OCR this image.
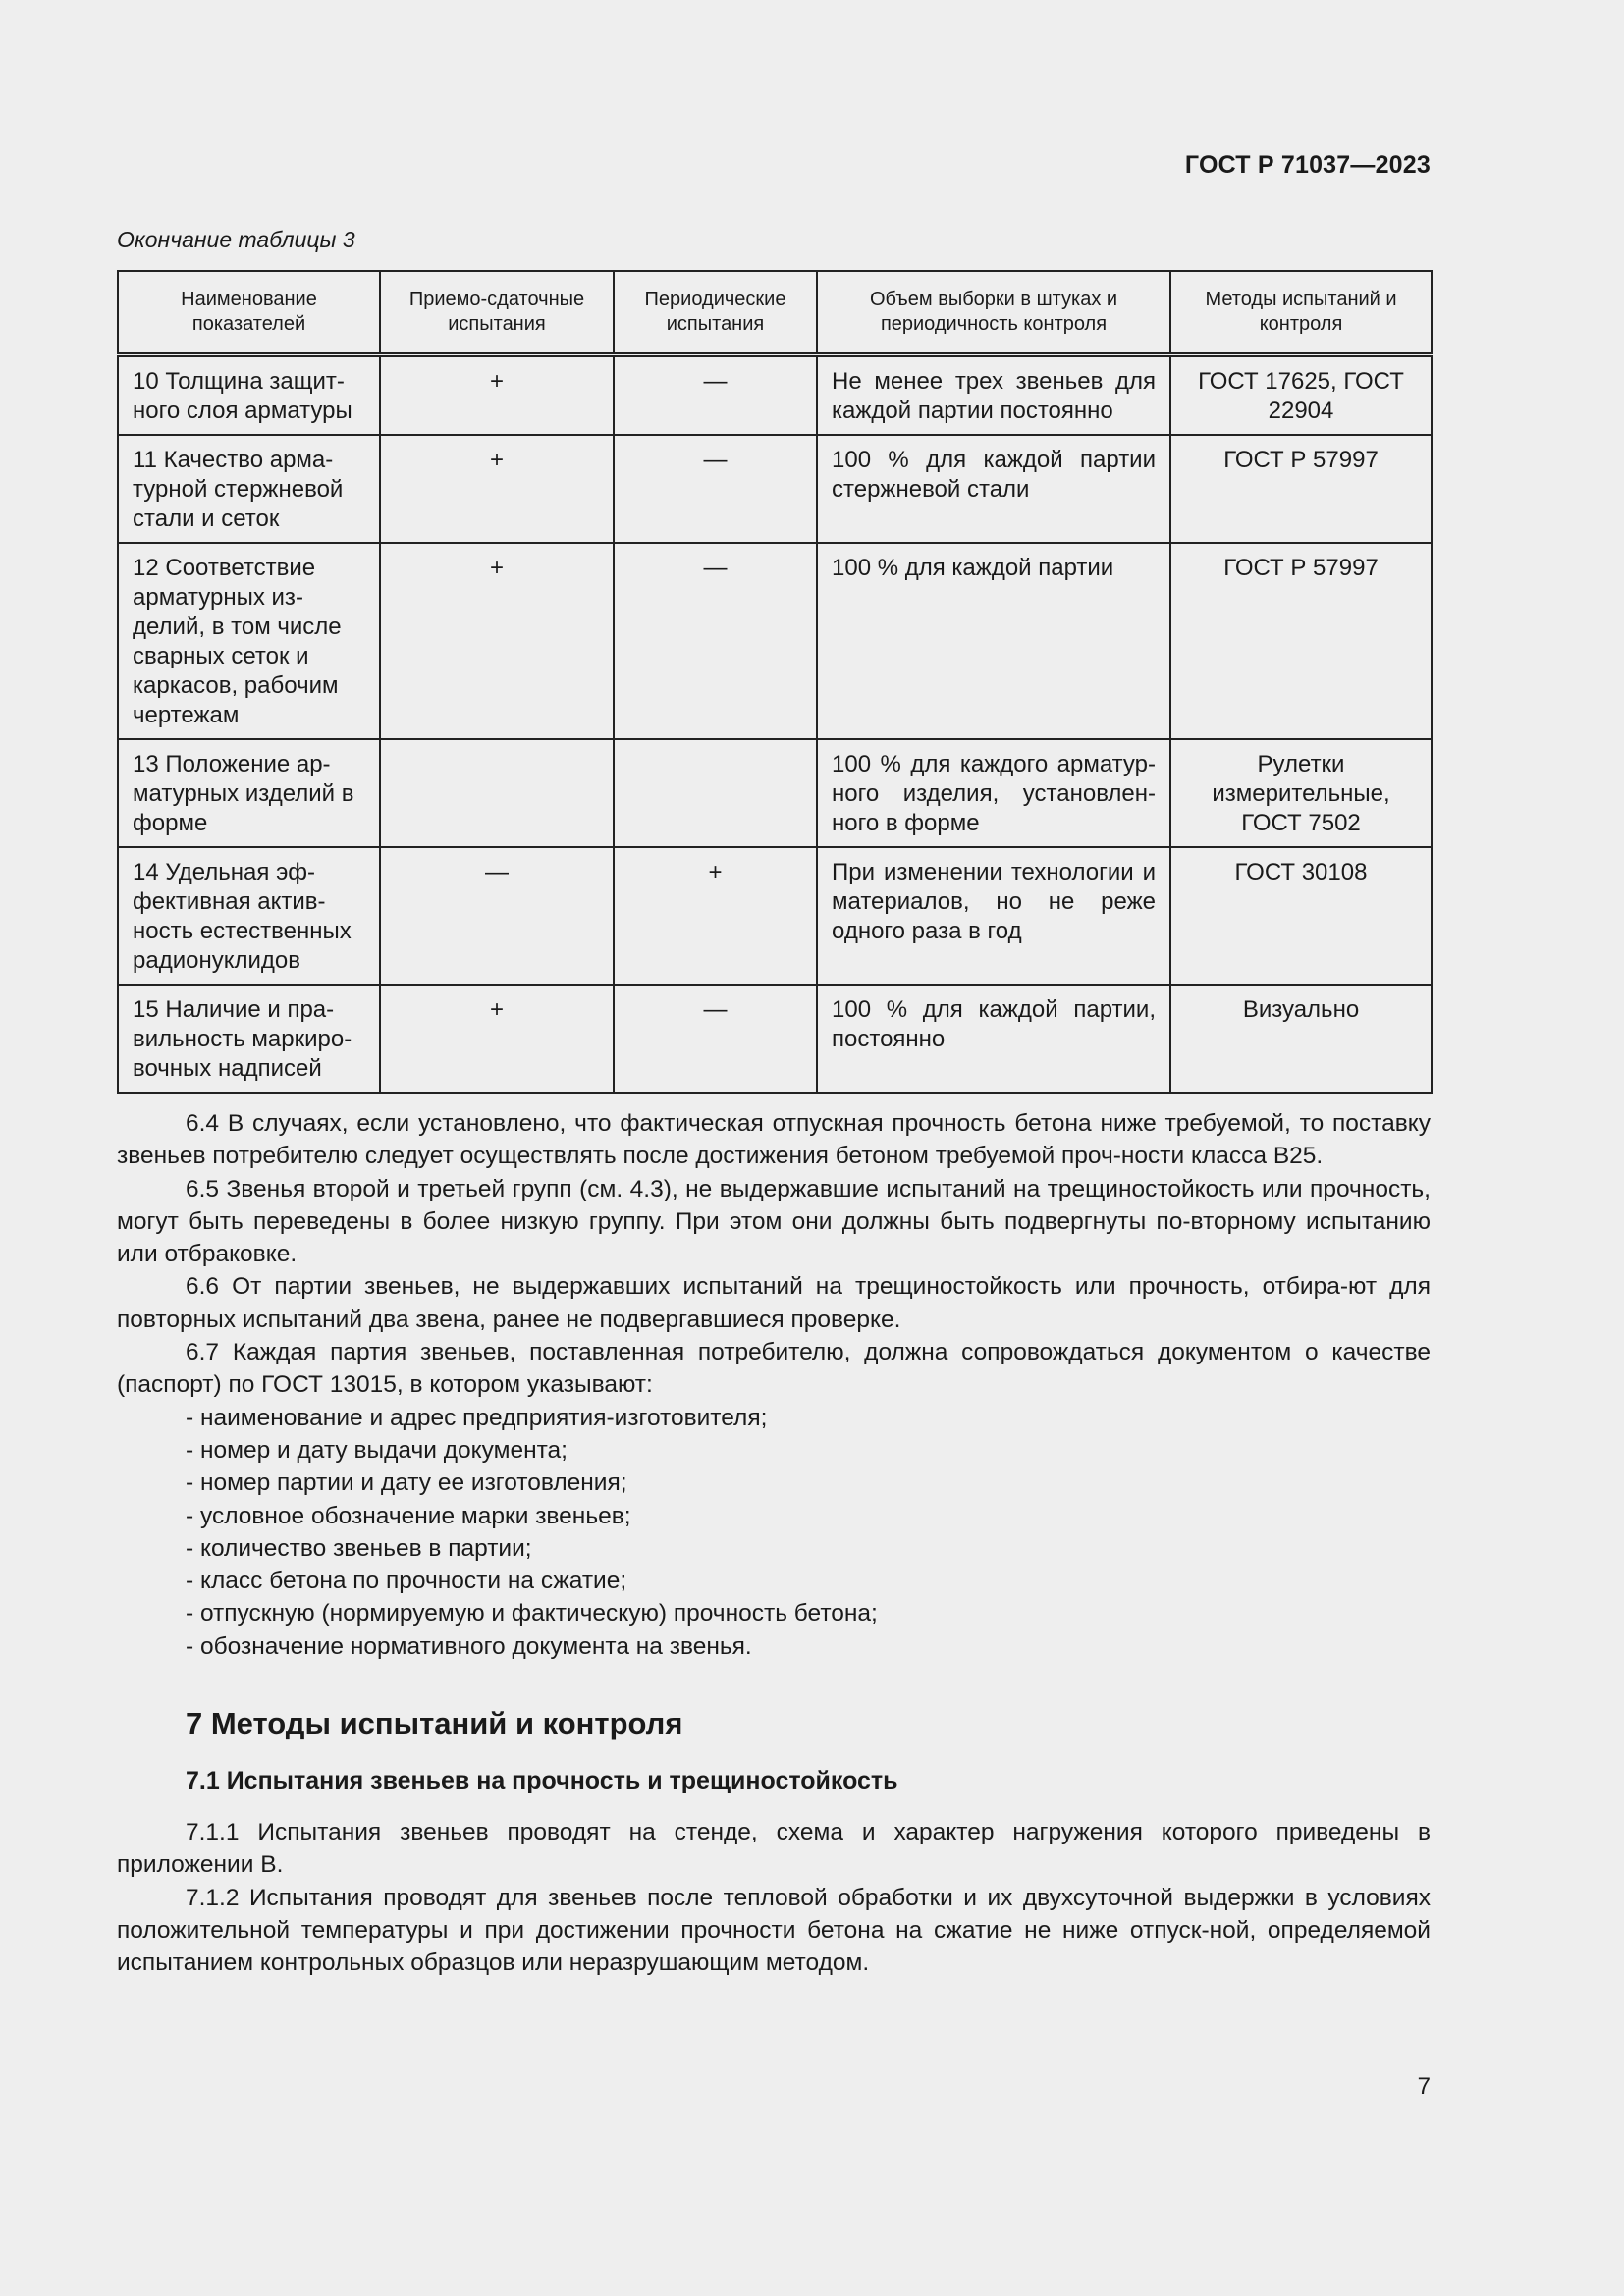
ГОСТ Р 71037—2023
Окончание таблицы 3
Наименование показателей	Приемо-сдаточные испытания	Периодические испытания	Объем выборки в штуках и периодичность контроля	Методы испытаний и контроля
10 Толщина защит-ного слоя арматуры	+	—	Не менее трех звеньев для каждой партии постоянно	ГОСТ 17625, ГОСТ 22904
11 Качество арма-турной стержневой стали и сеток	+	—	100 % для каждой партии стержневой стали	ГОСТ Р 57997
12 Соответствие арматурных из-делий, в том числе сварных сеток и каркасов, рабочим чертежам	+	—	100 % для каждой партии	ГОСТ Р 57997
13 Положение ар-матурных изделий в форме			100 % для каждого арматур-ного изделия, установлен-ного в форме	Рулетки измерительные, ГОСТ 7502
14 Удельная эф-фективная актив-ность естественных радионуклидов	—	+	При изменении технологии и материалов, но не реже одного раза в год	ГОСТ 30108
15 Наличие и пра-вильность маркиро-вочных надписей	+	—	100 % для каждой партии, постоянно	Визуально

6.4 В случаях, если установлено, что фактическая отпускная прочность бетона ниже требуемой, то поставку звеньев потребителю следует осуществлять после достижения бетоном требуемой проч-ности класса В25.

6.5 Звенья второй и третьей групп (см. 4.3), не выдержавшие испытаний на трещиностойкость или прочность, могут быть переведены в более низкую группу. При этом они должны быть подвергнуты по-вторному испытанию или отбраковке.

6.6 От партии звеньев, не выдержавших испытаний на трещиностойкость или прочность, отбира-ют для повторных испытаний два звена, ранее не подвергавшиеся проверке.

6.7 Каждая партия звеньев, поставленная потребителю, должна сопровождаться документом о качестве (паспорт) по ГОСТ 13015, в котором указывают:

- наименование и адрес предприятия-изготовителя;
- номер и дату выдачи документа;
- номер партии и дату ее изготовления;
- условное обозначение марки звеньев;
- количество звеньев в партии;
- класс бетона по прочности на сжатие;
- отпускную (нормируемую и фактическую) прочность бетона;
- обозначение нормативного документа на звенья.
7 Методы испытаний и контроля
7.1 Испытания звеньев на прочность и трещиностойкость

7.1.1 Испытания звеньев проводят на стенде, схема и характер нагружения которого приведены в приложении В.

7.1.2 Испытания проводят для звеньев после тепловой обработки и их двухсуточной выдержки в условиях положительной температуры и при достижении прочности бетона на сжатие не ниже отпуск-ной, определяемой испытанием контрольных образцов или неразрушающим методом.

7
